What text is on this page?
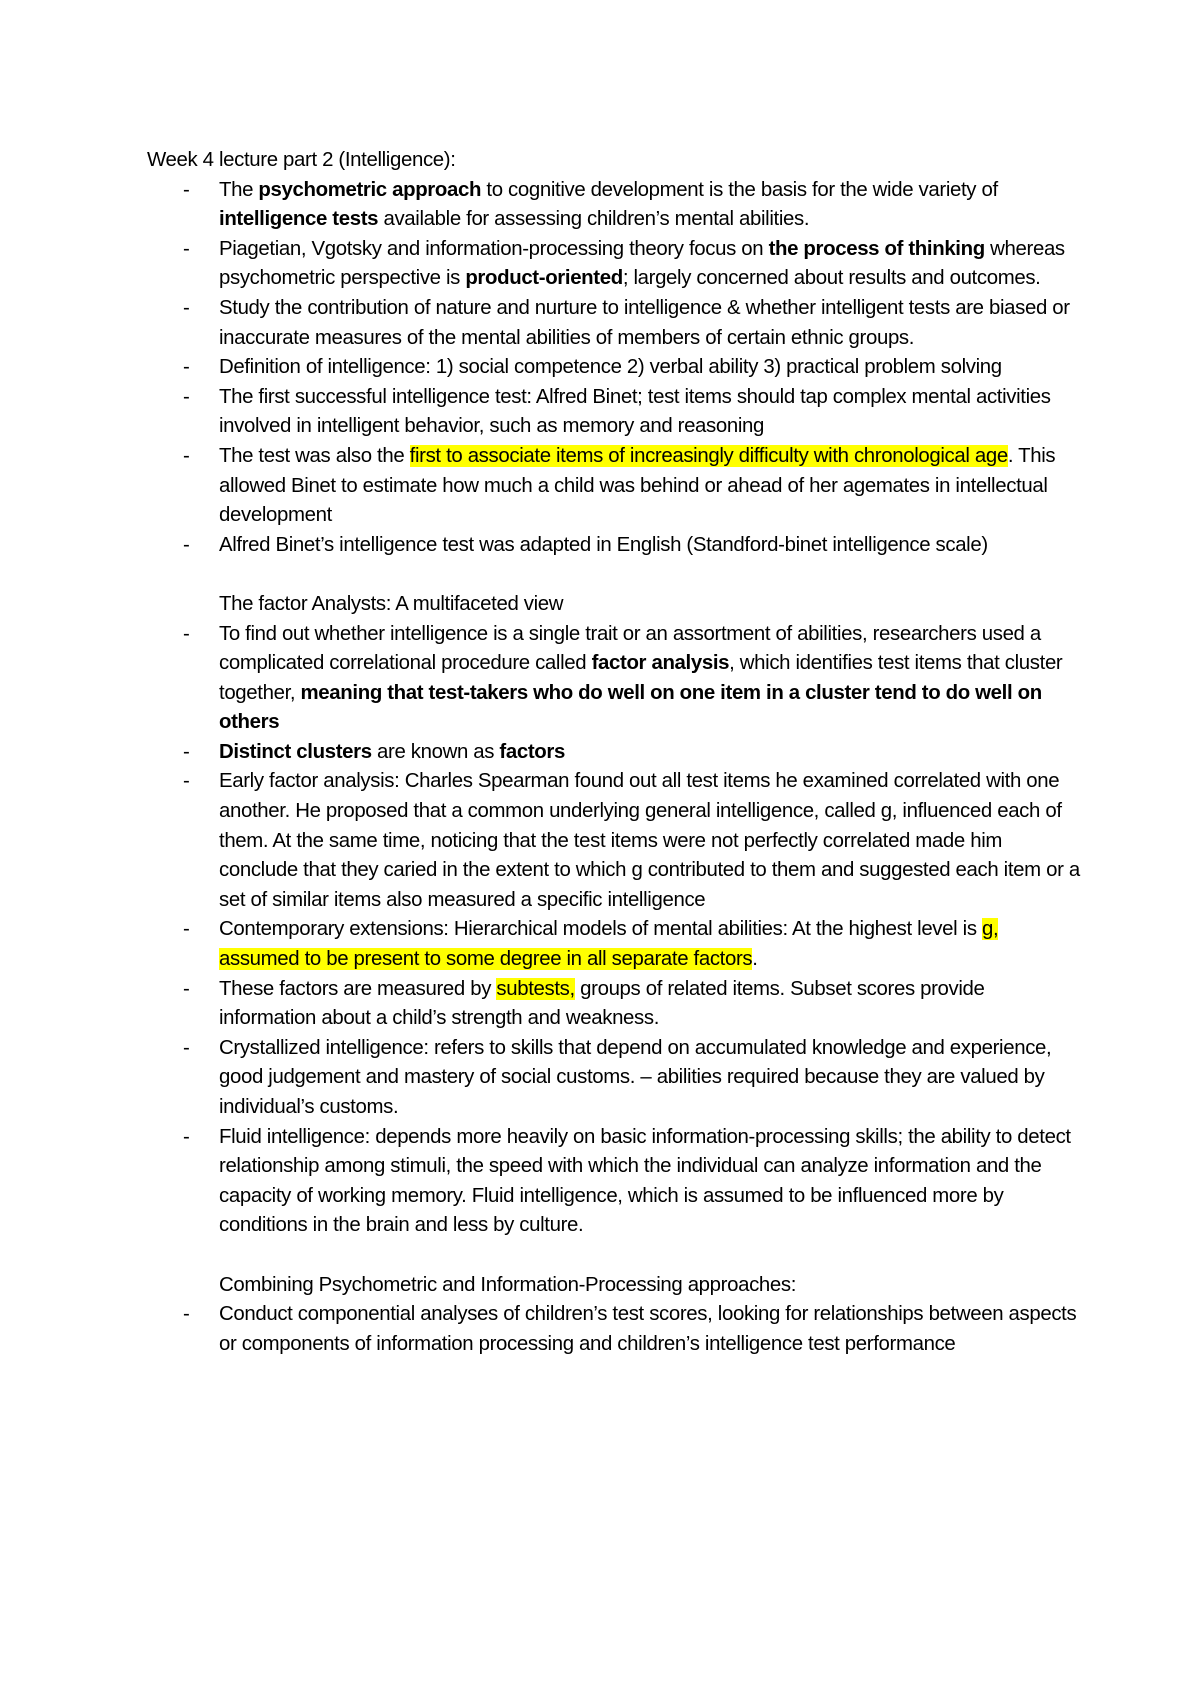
Week 4 lecture part 2 (Intelligence):

- The psychometric approach to cognitive development is the basis for the wide variety of intelligence tests available for assessing children’s mental abilities.
- Piagetian, Vgotsky and information-processing theory focus on the process of thinking whereas psychometric perspective is product-oriented; largely concerned about results and outcomes.
- Study the contribution of nature and nurture to intelligence & whether intelligent tests are biased or inaccurate measures of the mental abilities of members of certain ethnic groups.
- Definition of intelligence: 1) social competence 2) verbal ability 3) practical problem solving
- The first successful intelligence test: Alfred Binet; test items should tap complex mental activities involved in intelligent behavior, such as memory and reasoning
- The test was also the first to associate items of increasingly difficulty with chronological age. This allowed Binet to estimate how much a child was behind or ahead of her agemates in intellectual development
- Alfred Binet’s intelligence test was adapted in English (Standford-binet intelligence scale)

The factor Analysts: A multifaceted view

- To find out whether intelligence is a single trait or an assortment of abilities, researchers used a complicated correlational procedure called factor analysis, which identifies test items that cluster together, meaning that test-takers who do well on one item in a cluster tend to do well on others
- Distinct clusters are known as factors
- Early factor analysis: Charles Spearman found out all test items he examined correlated with one another. He proposed that a common underlying general intelligence, called g, influenced each of them. At the same time, noticing that the test items were not perfectly correlated made him conclude that they caried in the extent to which g contributed to them and suggested each item or a set of similar items also measured a specific intelligence
- Contemporary extensions: Hierarchical models of mental abilities: At the highest level is g, assumed to be present to some degree in all separate factors.
- These factors are measured by subtests, groups of related items. Subset scores provide information about a child’s strength and weakness.
- Crystallized intelligence: refers to skills that depend on accumulated knowledge and experience, good judgement and mastery of social customs. – abilities required because they are valued by individual’s customs.
- Fluid intelligence: depends more heavily on basic information-processing skills; the ability to detect relationship among stimuli, the speed with which the individual can analyze information and the capacity of working memory. Fluid intelligence, which is assumed to be influenced more by conditions in the brain and less by culture.

Combining Psychometric and Information-Processing approaches:

- Conduct componential analyses of children’s test scores, looking for relationships between aspects or components of information processing and children’s intelligence test performance
